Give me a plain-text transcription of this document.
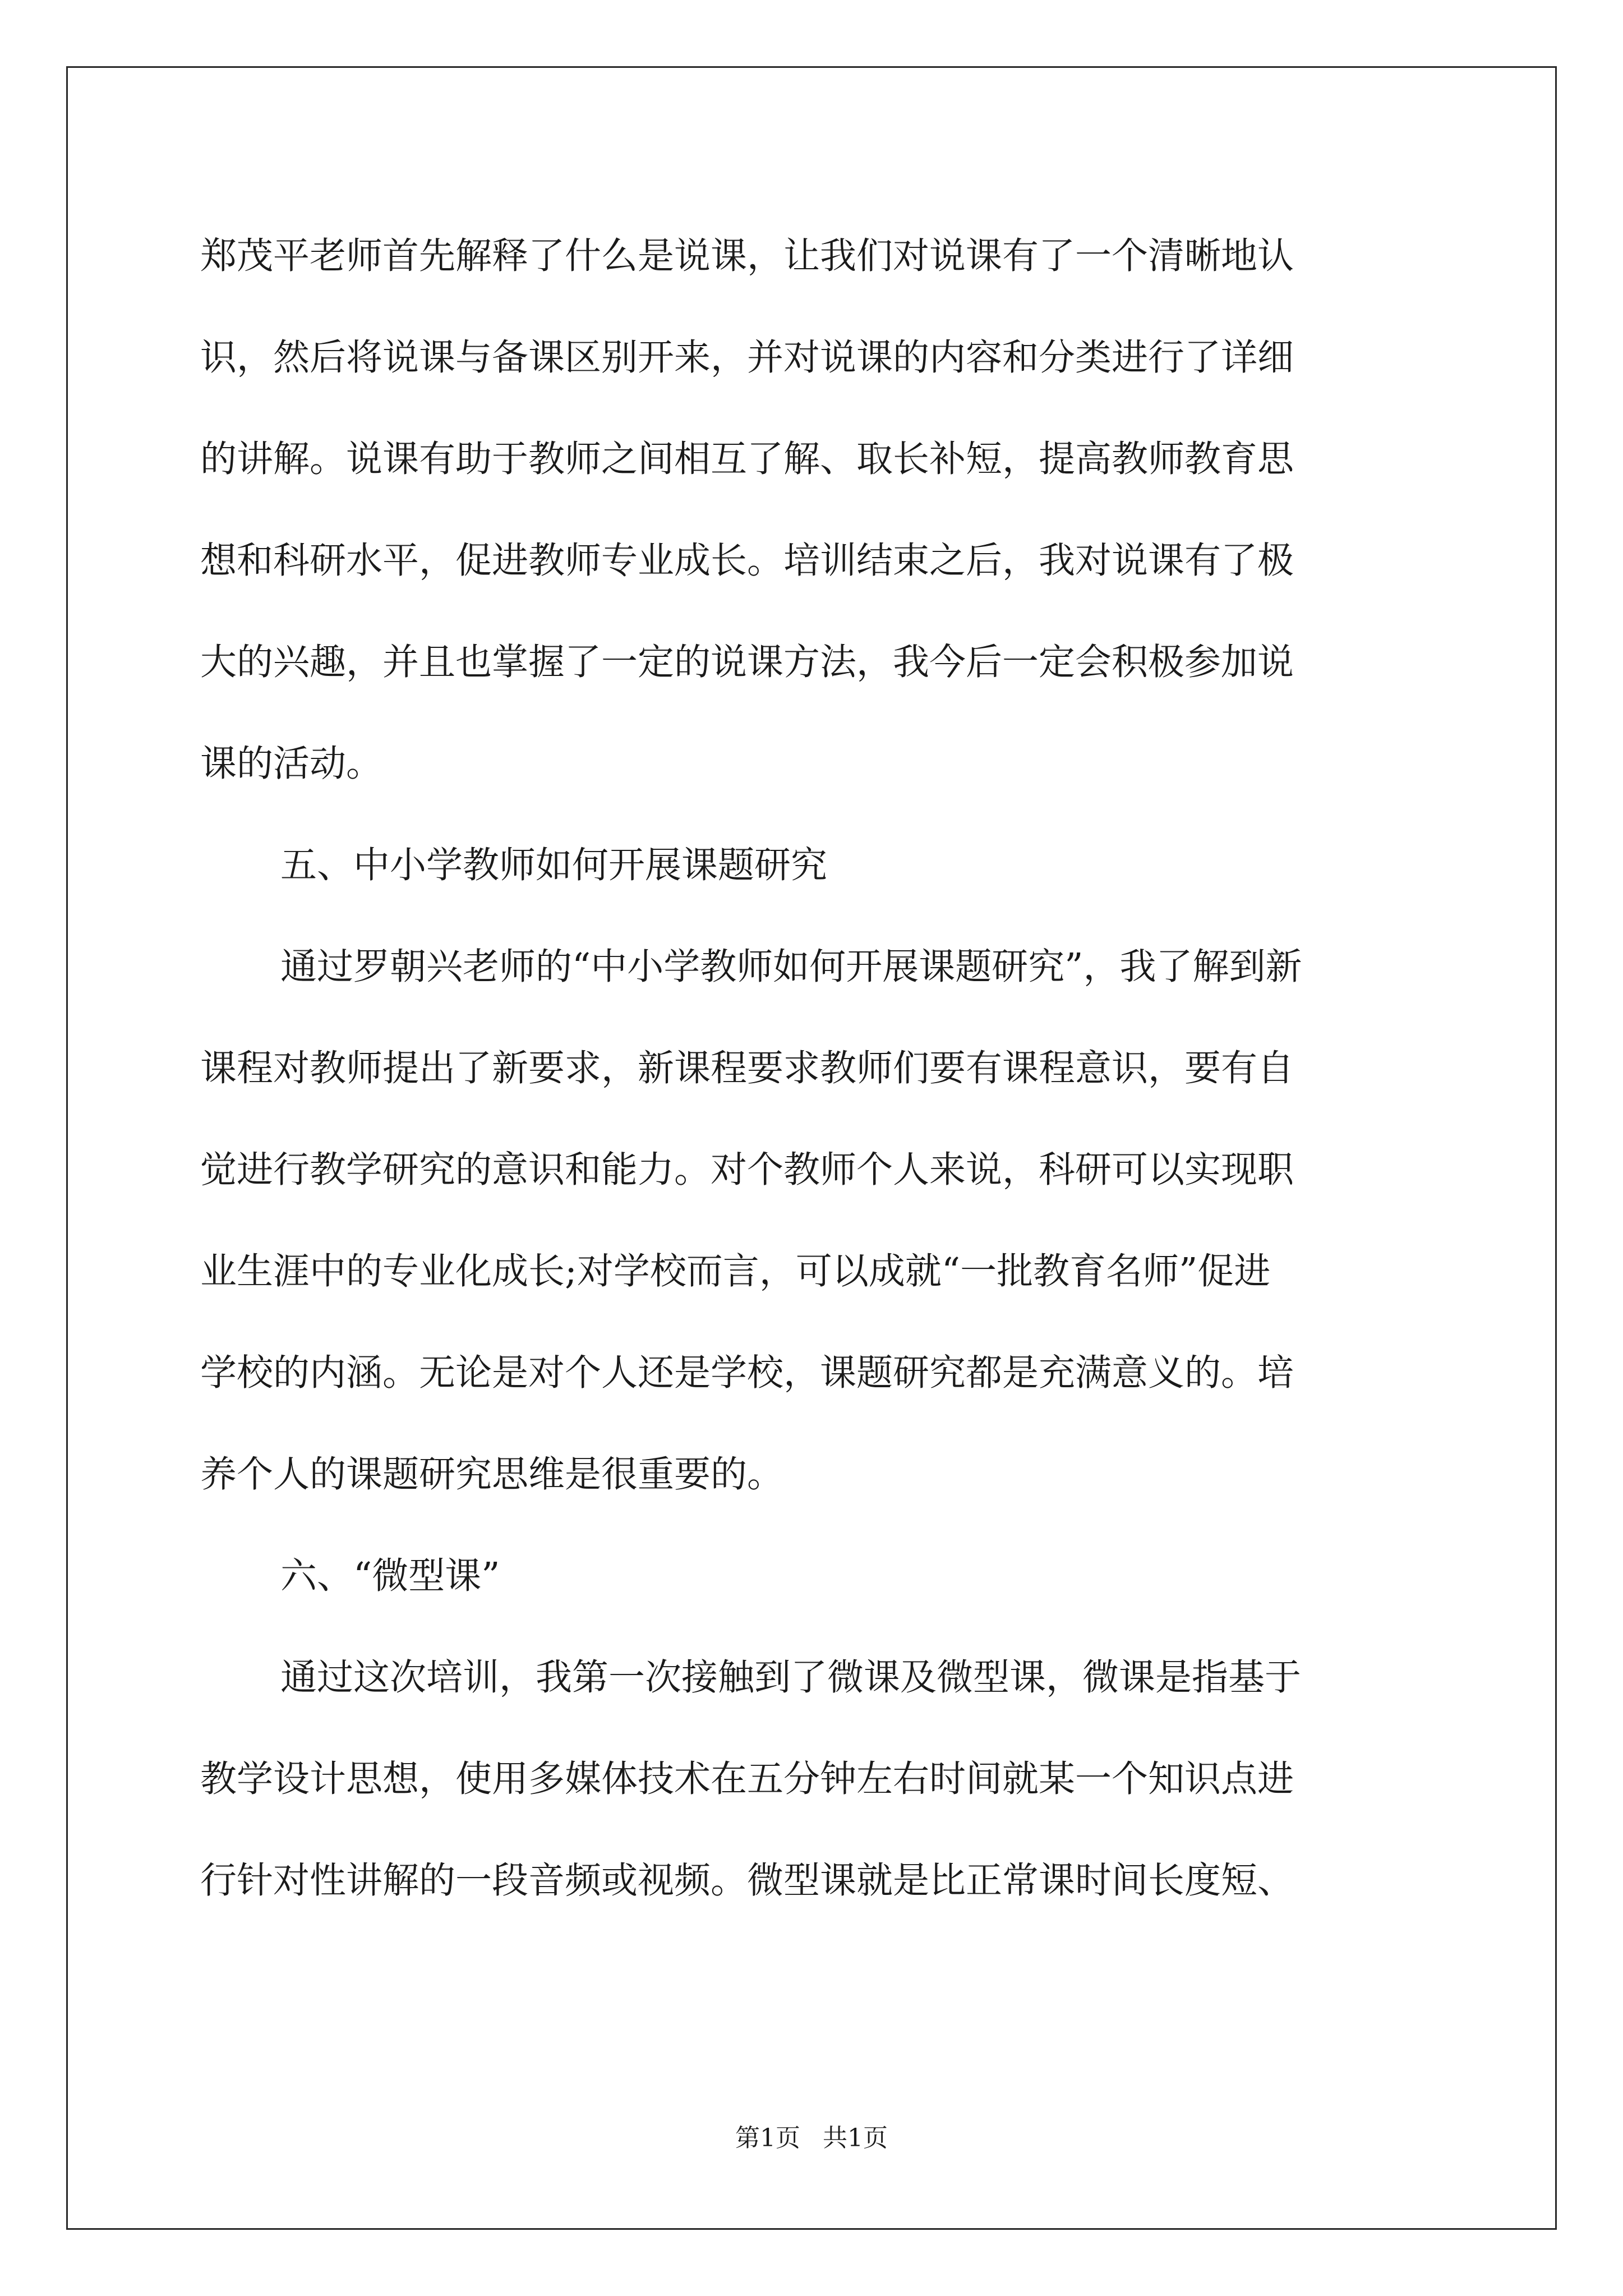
郑茂平老师首先解释了什么是说课，让我们对说课有了一个清晰地认
识，然后将说课与备课区别开来，并对说课的内容和分类进行了详细
的讲解。说课有助于教师之间相互了解、取长补短，提高教师教育思
想和科研水平，促进教师专业成长。培训结束之后，我对说课有了极
大的兴趣，并且也掌握了一定的说课方法，我今后一定会积极参加说
课的活动。
五、中小学教师如何开展课题研究
通过罗朝兴老师的“中小学教师如何开展课题研究”，我了解到新
课程对教师提出了新要求，新课程要求教师们要有课程意识，要有自
觉进行教学研究的意识和能力。对个教师个人来说，科研可以实现职
业生涯中的专业化成长;对学校而言，可以成就“一批教育名师”促进
学校的内涵。无论是对个人还是学校，课题研究都是充满意义的。培
养个人的课题研究思维是很重要的。
六、“微型课”
通过这次培训，我第一次接触到了微课及微型课，微课是指基于
教学设计思想，使用多媒体技术在五分钟左右时间就某一个知识点进
行针对性讲解的一段音频或视频。微型课就是比正常课时间长度短、
第1页 共1页
